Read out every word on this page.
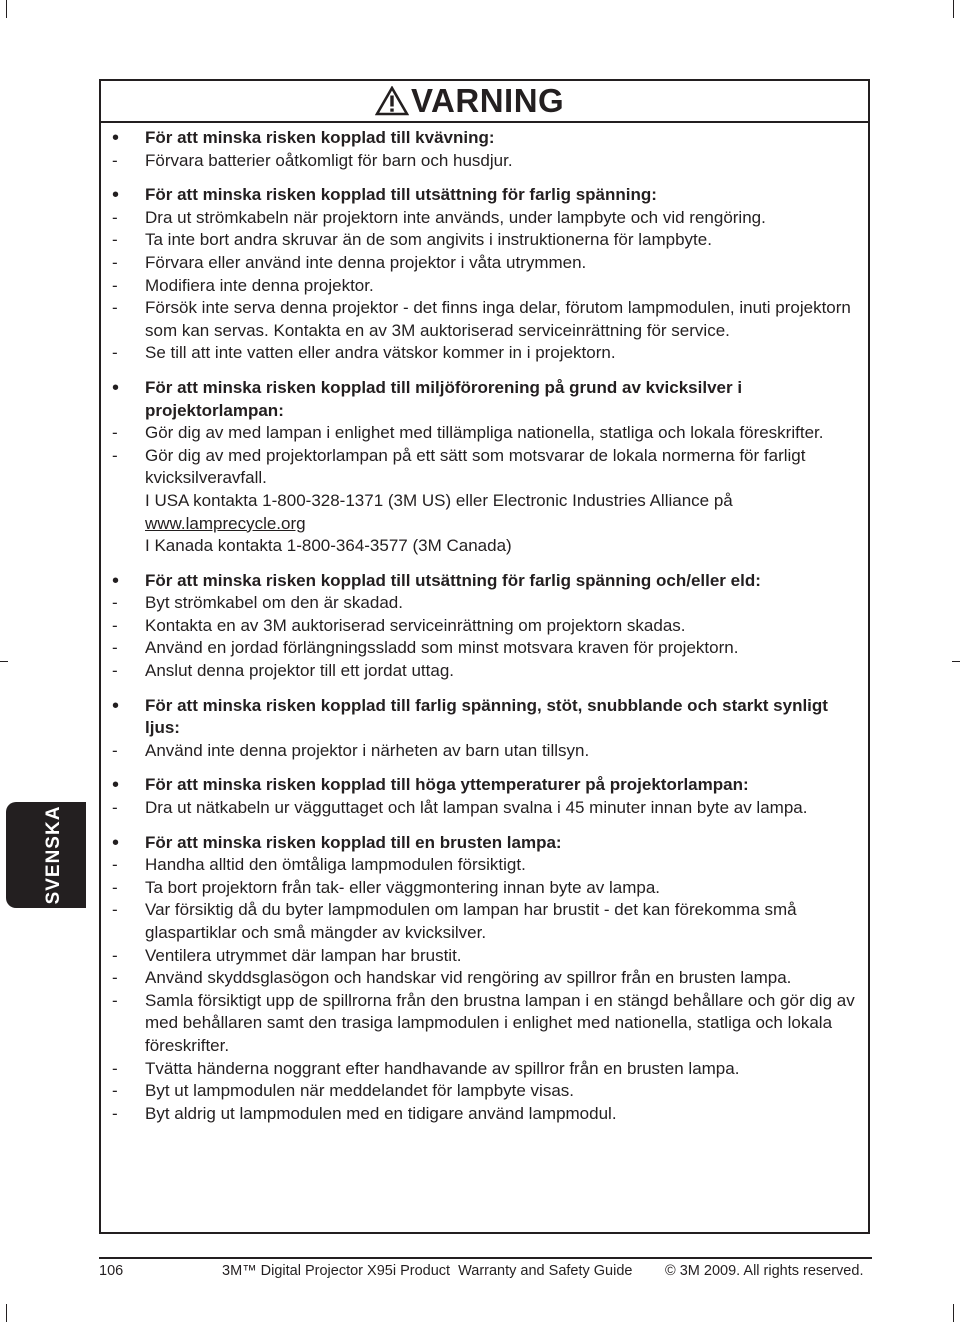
VARNING
•	För att minska risken kopplad till kvävning:
-	Förvara batterier oåtkomligt för barn och husdjur.
•	För att minska risken kopplad till utsättning för farlig spänning:
-	Dra ut strömkabeln när projektorn inte används, under lampbyte och vid rengöring.
-	Ta inte bort andra skruvar än de som angivits i instruktionerna för lampbyte.
-	Förvara eller använd inte denna projektor i våta utrymmen.
-	Modifiera inte denna projektor.
-	Försök inte serva denna projektor - det finns inga delar, förutom lampmodulen, inuti projektorn som kan servas. Kontakta en av 3M auktoriserad serviceinrättning för service.
-	Se till att inte vatten eller andra vätskor kommer in i projektorn.
•	För att minska risken kopplad till miljöförorening på grund av kvicksilver i projektorlampan:
-	Gör dig av med lampan i enlighet med tillämpliga nationella, statliga och lokala föreskrifter.
-	Gör dig av med projektorlampan på ett sätt som motsvarar de lokala normerna för farligt kvicksilveravfall.
I USA kontakta 1-800-328-1371 (3M US) eller Electronic Industries Alliance på
www.lamprecycle.org
I Kanada kontakta 1-800-364-3577 (3M Canada)
•	För att minska risken kopplad till utsättning för farlig spänning och/eller eld:
-	Byt strömkabel om den är skadad.
-	Kontakta en av 3M auktoriserad serviceinrättning om projektorn skadas.
-	Använd en jordad förlängningssladd som minst motsvara kraven för projektorn.
-	Anslut denna projektor till ett jordat uttag.
•	För att minska risken kopplad till farlig spänning, stöt, snubblande och starkt synligt ljus:
-	Använd inte denna projektor i närheten av barn utan tillsyn.
•	För att minska risken kopplad till höga yttemperaturer på projektorlampan:
-	Dra ut nätkabeln ur vägguttaget och låt lampan svalna i 45 minuter innan byte av lampa.
•	För att minska risken kopplad till en brusten lampa:
-	Handha alltid den ömtåliga lampmodulen försiktigt.
-	Ta bort projektorn från tak- eller väggmontering innan byte av lampa.
-	Var försiktig då du byter lampmodulen om lampan har brustit - det kan förekomma små glaspartiklar och små mängder av kvicksilver.
-	Ventilera utrymmet där lampan har brustit.
-	Använd skyddsglasögon och handskar vid rengöring av spillror från en brusten lampa.
-	Samla försiktigt upp de spillrorna från den brustna lampan i en stängd behållare och gör dig av med behållaren samt den trasiga lampmodulen i enlighet med nationella, statliga och lokala föreskrifter.
-	Tvätta händerna noggrant efter handhavande av spillror från en brusten lampa.
-	Byt ut lampmodulen när meddelandet för lampbyte visas.
-	Byt aldrig ut lampmodulen med en tidigare använd lampmodul.
SVENSKA
106	3M™ Digital Projector X95i Product  Warranty and Safety Guide © 3M 2009. All rights reserved.
